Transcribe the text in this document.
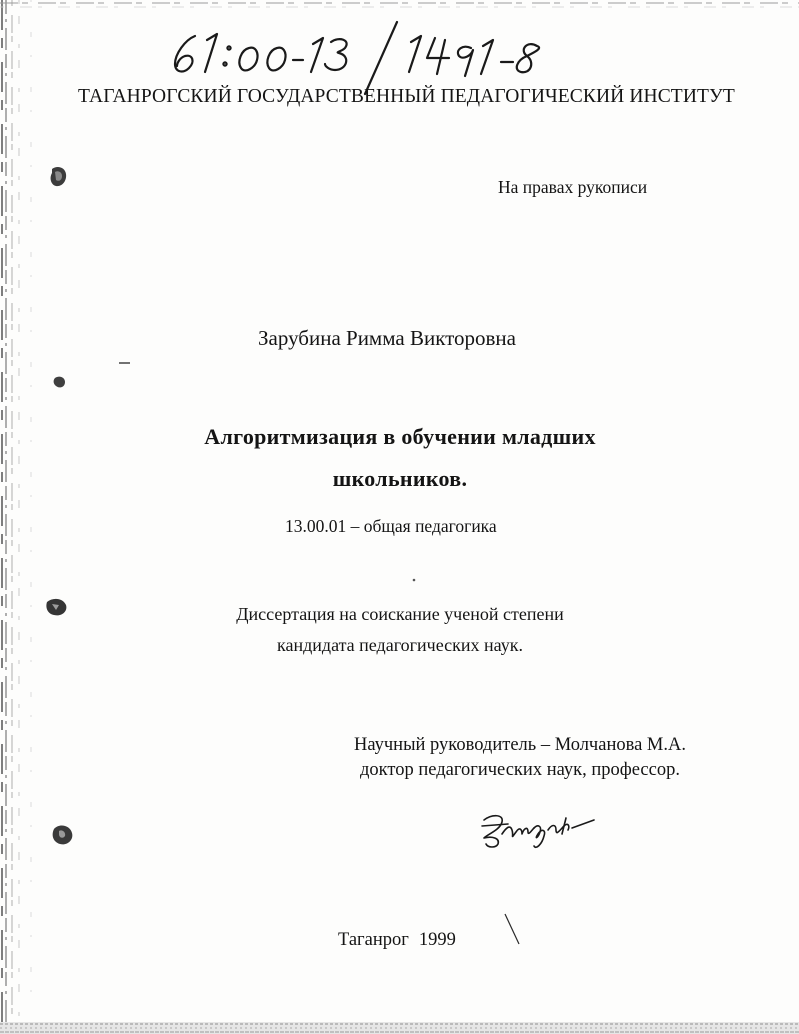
ТАГАНРОГСКИЙ ГОСУДАРСТВЕННЫЙ ПЕДАГОГИЧЕСКИЙ ИНСТИТУТ
На правах рукописи
Зарубина Римма Викторовна
Алгоритмизация в обучении младших
школьников.
13.00.01 – общая педагогика
Диссертация на соискание ученой степени
кандидата педагогических наук.
Научный руководитель – Молчанова М.А.
доктор педагогических наук, профессор.
Таганрог 1999
